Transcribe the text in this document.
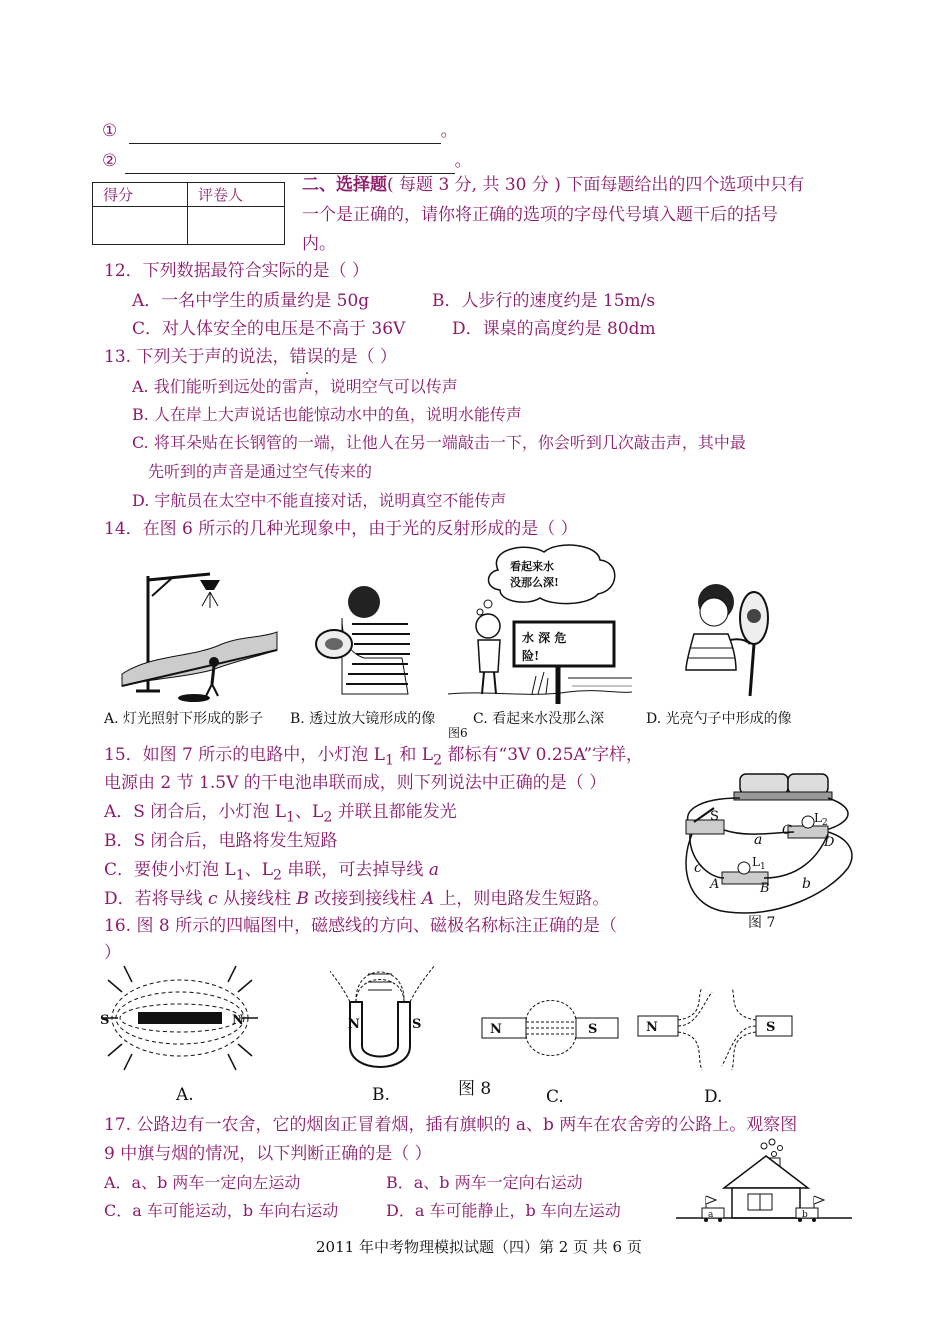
①	。
②	。
得分	评卷人
		二、选择题( 每题 3 分, 共 30 分 ) 下面每题给出的四个选项中只有
一个是正确的，请你将正确的选项的字母代号填入题干后的括号
内。
12．下列数据最符合实际的是（ ）
A．一名中学生的质量约是 50g	B．人步行的速度约是 15m/s
C．对人体安全的电压是不高于 36V	D．课桌的高度约是 80dm
13. 下列关于声的说法，错误的是（ ）
A. 我们能听到远处的雷声，说明空气可以传声
B. 人在岸上大声说话也能惊动水中的鱼，说明水能传声
C. 将耳朵贴在长钢管的一端，让他人在另一端敲击一下，你会听到几次敲击声，其中最
先听到的声音是通过空气传来的
D. 宇航员在太空中不能直接对话，说明真空不能传声
14．在图 6 所示的几种光现象中，由于光的反射形成的是（ ）
A. 灯光照射下形成的影子	B. 透过放大镜形成的像
看起来水
没那么深!
水 深 危
险!
C. 看起来水没那么深
图6
D. 光亮勺子中形成的像
15．如图 7 所示的电路中，小灯泡 $L_1$ 和 $L_2$ 都标有“3V 0.25A”字样，
电源由 2 节 1.5V 的干电池串联而成，则下列说法中正确的是（ ）
A．S 闭合后，小灯泡 $L_1$、$L_2$ 并联且都能发光
B．S 闭合后，电路将发生短路
C．要使小灯泡 $L_1$、$L_2$ 串联，可去掉导线 a
D．若将导线 c 从接线柱 B 改接到接线柱 A 上，则电路发生短路。
S
a
C
D
$L_2$
$L_1$
c
A	B b
图 7
16. 图 8 所示的四幅图中，磁感线的方向、磁极名称标注正确的是（
）
S	N	N	S	N	S	N	S
A.	B.	图 8	C.	D.
17. 公路边有一农舍，它的烟囱正冒着烟，插有旗帜的 a、b 两车在农舍旁的公路上。观察图
9 中旗与烟的情况，以下判断正确的是（ ）
A．a、b 两车一定向左运动	B．a、b 两车一定向右运动
C．a 车可能运动，b 车向右运动	D．a 车可能静止，b 车向左运动	a	b
2011 年中考物理模拟试题（四）第 2 页 共 6 页
